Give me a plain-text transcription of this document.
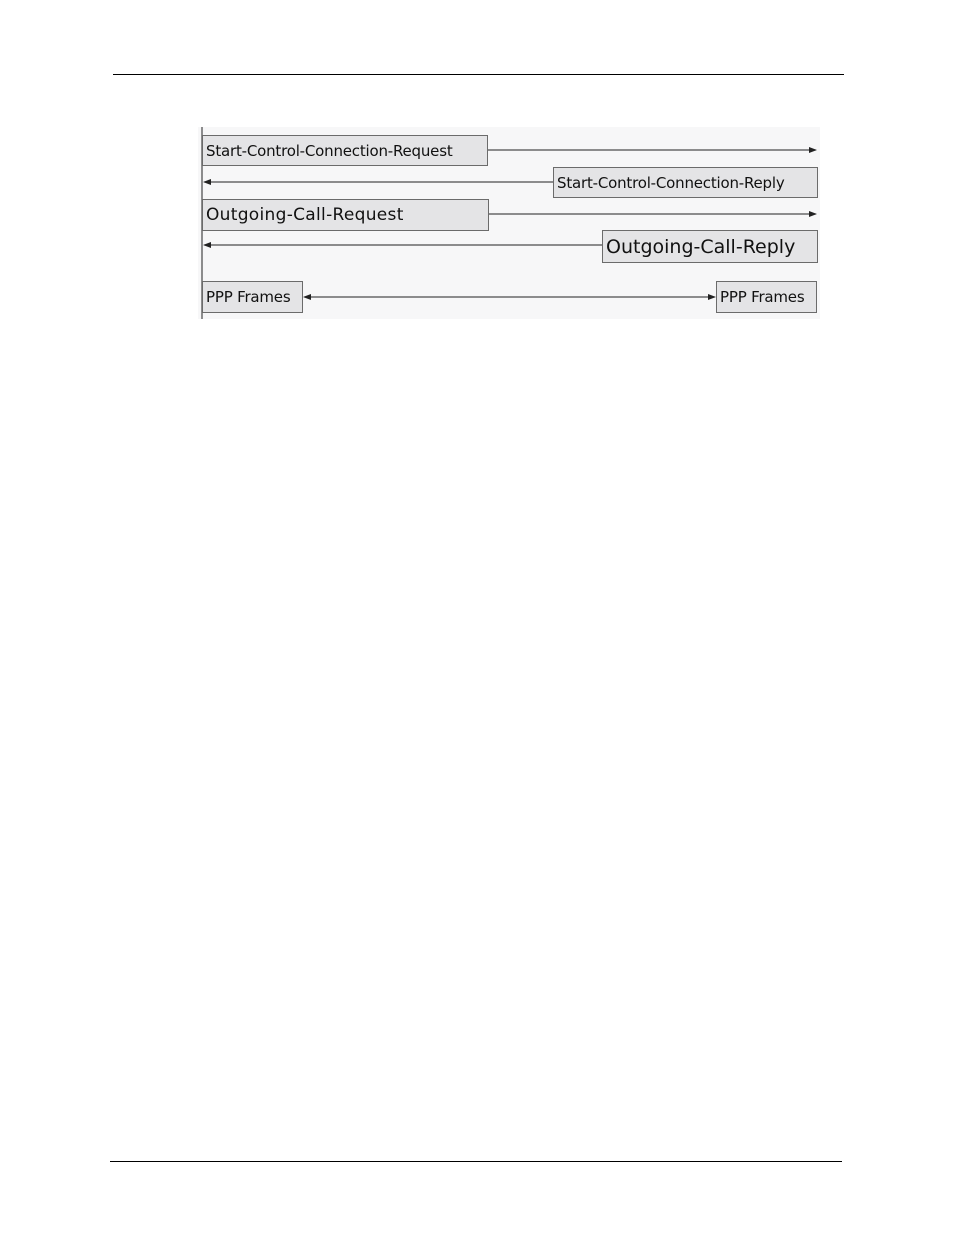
Start-Control-Connection-Request
Start-Control-Connection-Reply
Outgoing-Call-Request
Outgoing-Call-Reply
PPP Frames	PPP Frames
